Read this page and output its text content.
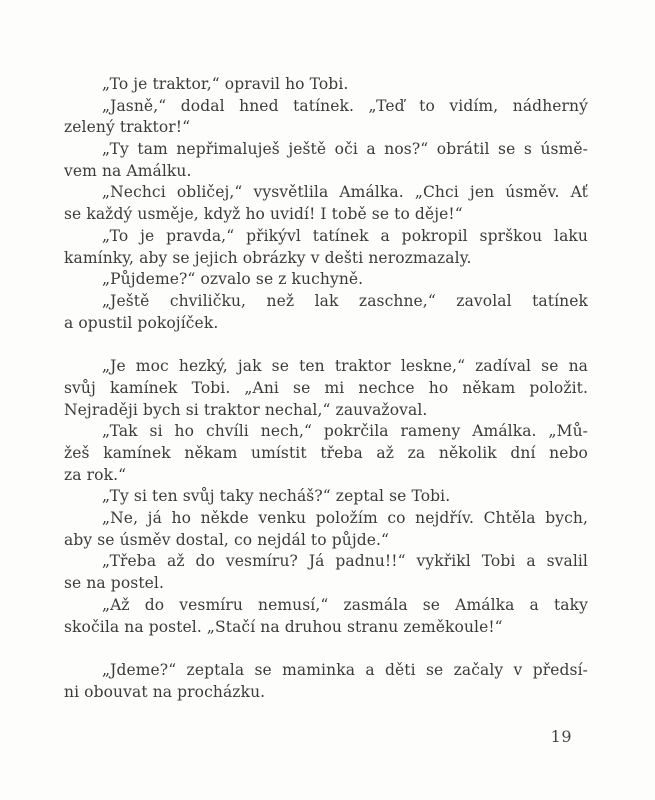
„To je traktor,“ opravil ho Tobi.
„Jasně,“ dodal hned tatínek. „Teď to vidím, nádherný
zelený traktor!“
„Ty tam nepřimaluješ ještě oči a nos?“ obrátil se s úsmě-
vem na Amálku.
„Nechci obličej,“ vysvětlila Amálka. „Chci jen úsměv. Ať
se každý usměje, když ho uvidí! I tobě se to děje!“
„To je pravda,“ přikývl tatínek a pokropil sprškou laku
kamínky, aby se jejich obrázky v dešti nerozmazaly.
„Půjdeme?“ ozvalo se z kuchyně.
„Ještě chviličku, než lak zaschne,“ zavolal tatínek
a opustil pokojíček.
„Je moc hezký, jak se ten traktor leskne,“ zadíval se na
svůj kamínek Tobi. „Ani se mi nechce ho někam položit.
Nejraději bych si traktor nechal,“ zauvažoval.
„Tak si ho chvíli nech,“ pokrčila rameny Amálka. „Mů-
žeš kamínek někam umístit třeba až za několik dní nebo
za rok.“
„Ty si ten svůj taky necháš?“ zeptal se Tobi.
„Ne, já ho někde venku položím co nejdřív. Chtěla bych,
aby se úsměv dostal, co nejdál to půjde.“
„Třeba až do vesmíru? Já padnu!!“ vykřikl Tobi a svalil
se na postel.
„Až do vesmíru nemusí,“ zasmála se Amálka a taky
skočila na postel. „Stačí na druhou stranu zeměkoule!“
„Jdeme?“ zeptala se maminka a děti se začaly v předsí-
ni obouvat na procházku.
19
